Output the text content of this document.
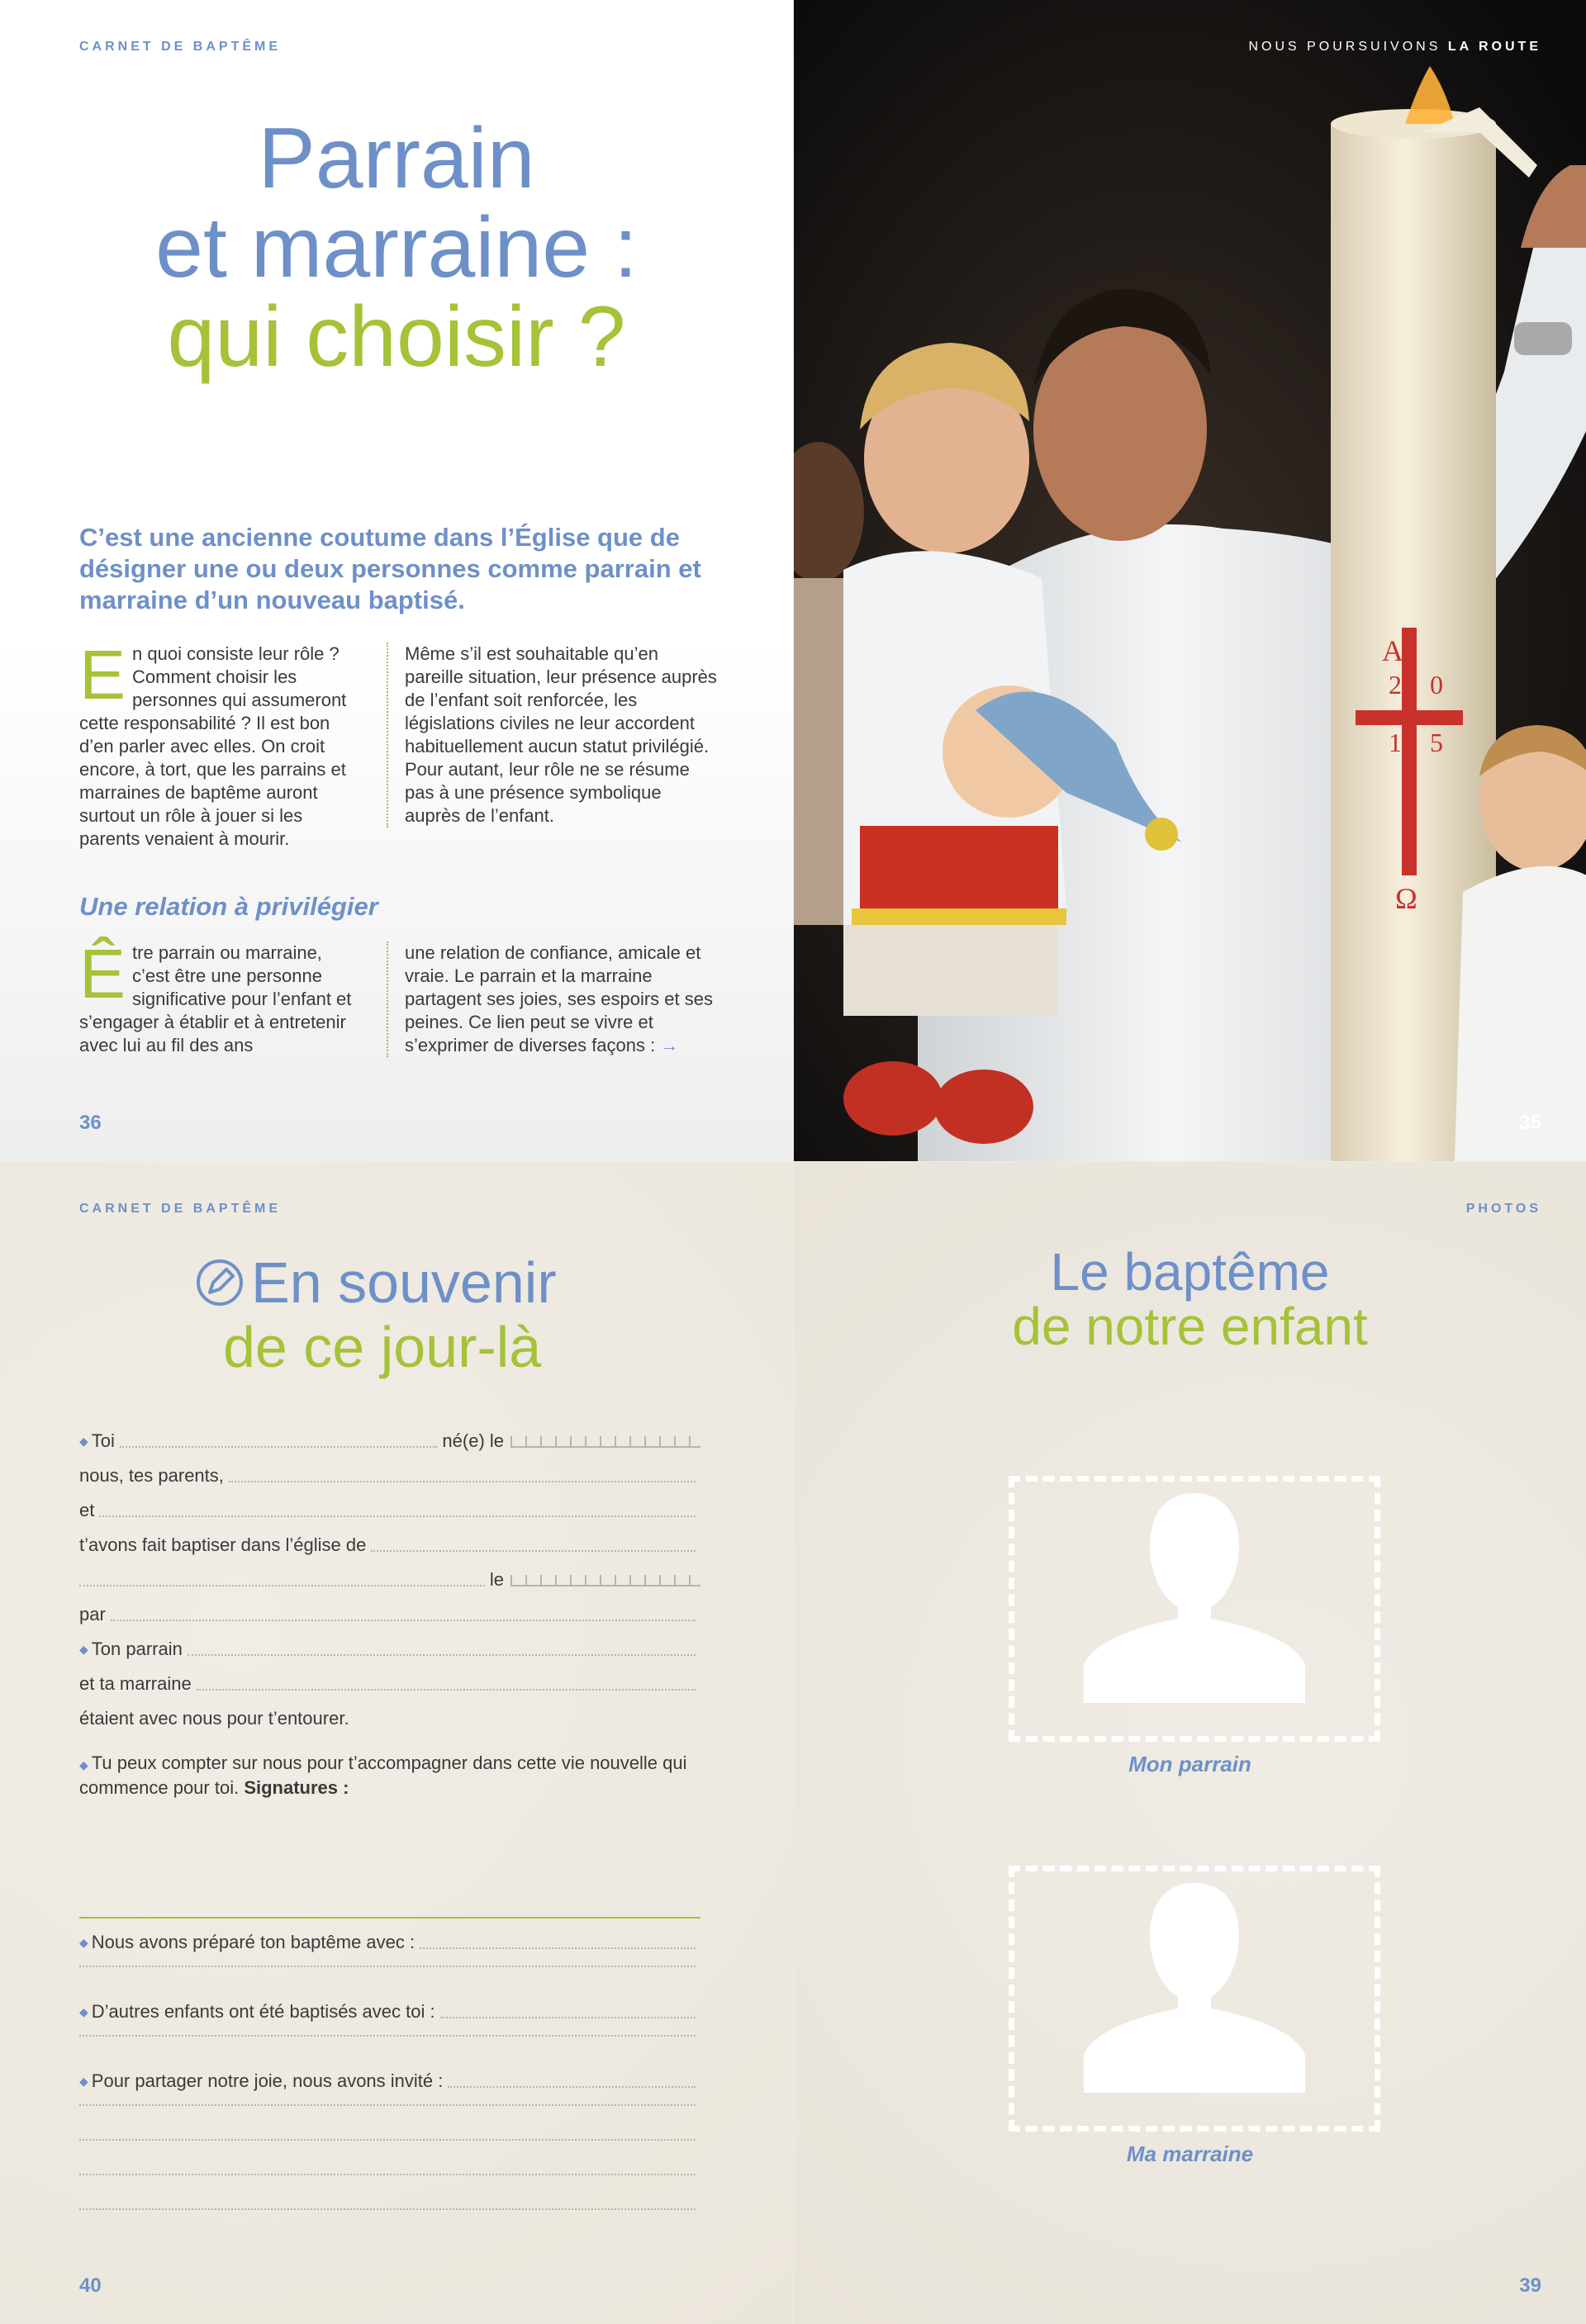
CARNET DE BAPTÊME
Parrain
et marraine :
qui choisir ?
C’est une ancienne coutume dans l’Église que de désigner une ou deux personnes comme parrain et marraine d’un nouveau baptisé.
En quoi consiste leur rôle ? Comment choisir les personnes qui assumeront cette responsabilité ? Il est bon d’en parler avec elles. On croit encore, à tort, que les parrains et marraines de baptême auront surtout un rôle à jouer si les parents venaient à mourir.
Même s’il est souhaitable qu’en pareille situation, leur présence auprès de l’enfant soit renforcée, les législations civiles ne leur accordent habituellement aucun statut privilégié. Pour autant, leur rôle ne se résume pas à une présence symbolique auprès de l’enfant.
Une relation à privilégier
Être parrain ou marraine, c’est être une personne significative pour l’enfant et s’engager à établir et à entretenir avec lui au fil des ans
une relation de confiance, amicale et vraie. Le parrain et la marraine partagent ses joies, ses espoirs et ses peines. Ce lien peut se vivre et s’exprimer de diverses façons : →
36
A
2 0
1 5
Ω
NOUS POURSUIVONS LA ROUTE
35
CARNET DE BAPTÊME
En souvenir
de ce jour-là
◆ Toi	né(e) le
nous, tes parents,
et
t’avons fait baptiser dans l’église de
le
par
◆ Ton parrain
et ta marraine
étaient avec nous pour t’entourer.
◆ Tu peux compter sur nous pour t’accompagner dans cette vie nouvelle qui commence pour toi. Signatures :
◆ Nous avons préparé ton baptême avec :
◆ D’autres enfants ont été baptisés avec toi :
◆ Pour partager notre joie, nous avons invité :
40
PHOTOS
Le baptême
de notre enfant
Mon parrain
Ma marraine
39
